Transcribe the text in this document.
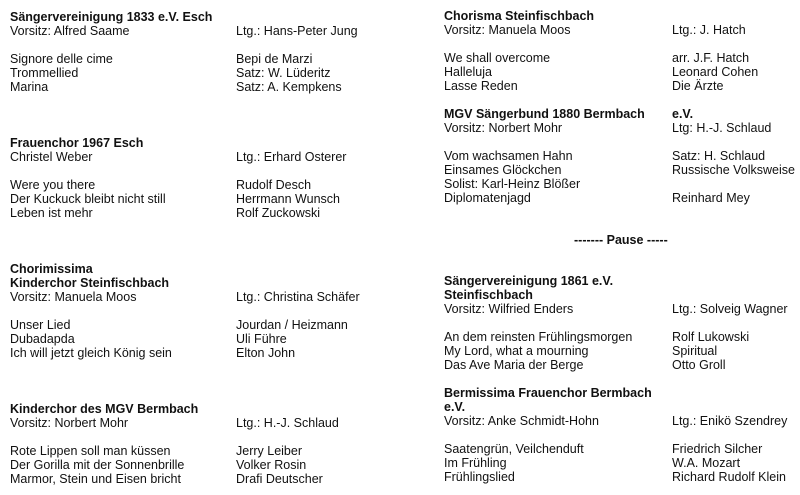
Sängervereinigung 1833 e.V. Esch
Vorsitz: Alfred Saame	Ltg.: Hans-Peter Jung
Signore delle cime	Bepi de Marzi
Trommellied	Satz: W. Lüderitz
Marina	Satz: A. Kempkens
Frauenchor 1967 Esch
Christel Weber	Ltg.: Erhard Osterer
Were you there	Rudolf Desch
Der Kuckuck bleibt nicht still	Herrmann Wunsch
Leben ist mehr	Rolf Zuckowski
Chorimissima
Kinderchor Steinfischbach
Vorsitz: Manuela Moos	Ltg.: Christina Schäfer
Unser Lied	Jourdan / Heizmann
Dubadapda	Uli Führe
Ich will jetzt gleich König sein	Elton John
Kinderchor des MGV Bermbach
Vorsitz: Norbert Mohr	Ltg.: H.-J. Schlaud
Rote Lippen soll man küssen	Jerry Leiber
Der Gorilla mit der Sonnenbrille	Volker Rosin
Marmor, Stein und Eisen bricht	Drafi Deutscher
Chorisma Steinfischbach
Vorsitz: Manuela Moos	Ltg.: J. Hatch
We shall overcome	arr. J.F. Hatch
Halleluja	Leonard Cohen
Lasse Reden	Die Ärzte
MGV Sängerbund 1880 Bermbach e.V.
Vorsitz: Norbert Mohr	Ltg: H.-J. Schlaud
Vom wachsamen Hahn	Satz: H. Schlaud
Einsames Glöckchen	Russische Volksweise
Solist: Karl-Heinz Blößer
Diplomatenjagd	Reinhard Mey
------- Pause -----
Sängervereinigung 1861 e.V.
Steinfischbach
Vorsitz: Wilfried Enders	Ltg.: Solveig Wagner
An dem reinsten Frühlingsmorgen	Rolf Lukowski
My Lord, what a mourning	Spiritual
Das Ave Maria der Berge	Otto Groll
Bermissima Frauenchor Bermbach
e.V.
Vorsitz: Anke Schmidt-Hohn	Ltg.: Enikö Szendrey
Saatengrün, Veilchenduft	Friedrich Silcher
Im Frühling	W.A. Mozart
Frühlingslied	Richard Rudolf Klein
